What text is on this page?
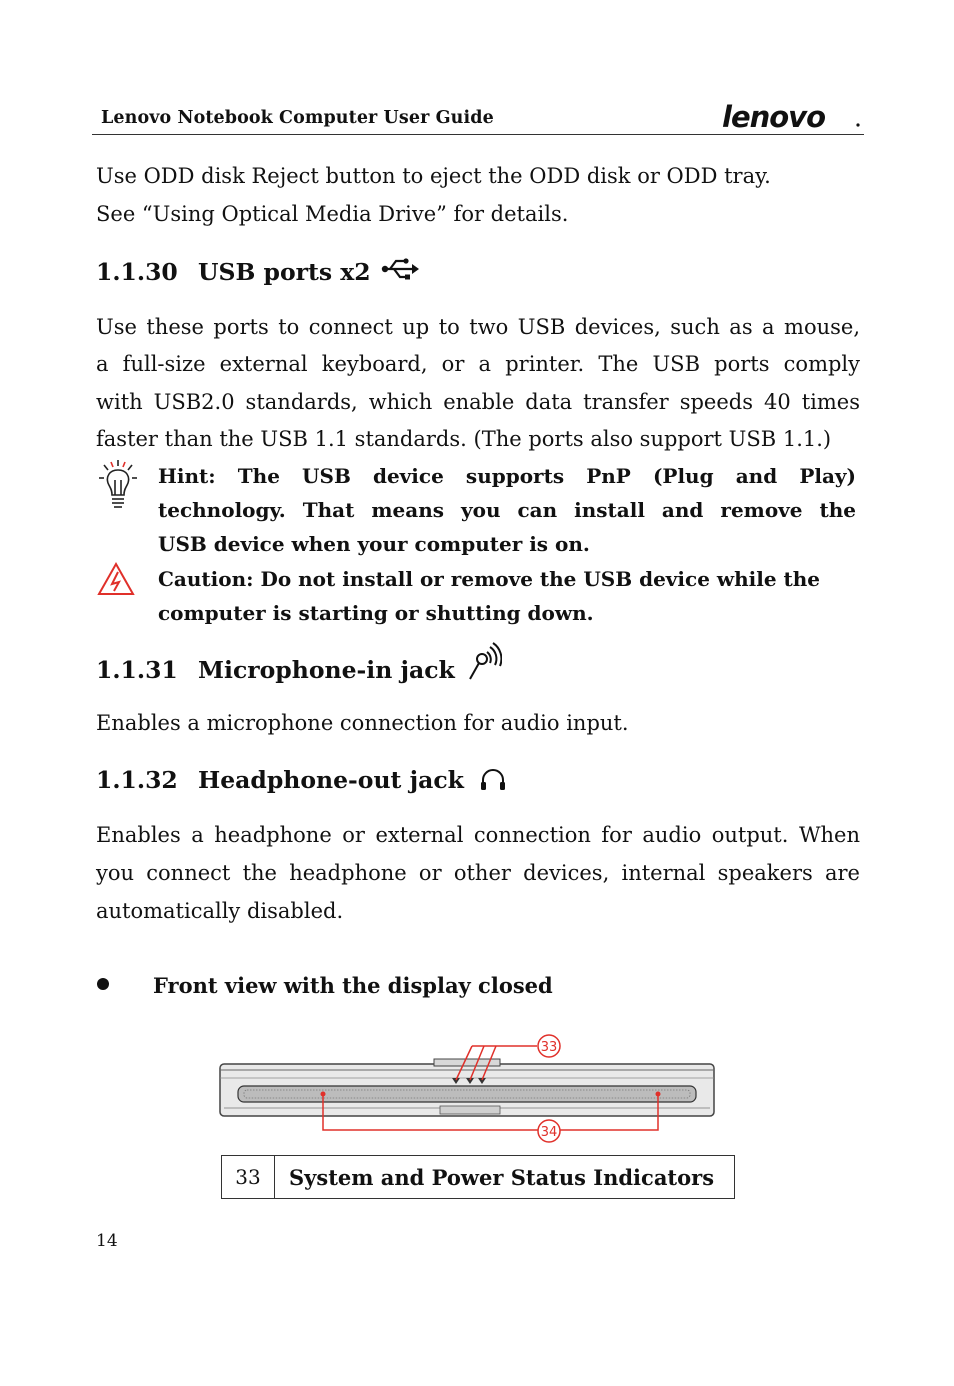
Lenovo Notebook Computer User Guide	lenovo
Use ODD disk Reject button to eject the ODD disk or ODD tray.
See “Using Optical Media Drive” for details.
1.1.30 USB ports x2
Use these ports to connect up to two USB devices, such as a mouse,
a full-size external keyboard, or a printer. The USB ports comply
with USB2.0 standards, which enable data transfer speeds 40 times
faster than the USB 1.1 standards. (The ports also support USB 1.1.)
Hint: The USB device supports PnP (Plug and Play)
technology. That means you can install and remove the
USB device when your computer is on.
Caution: Do not install or remove the USB device while the
computer is starting or shutting down.
1.1.31 Microphone-in jack
Enables a microphone connection for audio input.
1.1.32 Headphone-out jack
Enables a headphone or external connection for audio output. When
you connect the headphone or other devices, internal speakers are
automatically disabled.
Front view with the display closed
33
34
33	System and Power Status Indicators
14
